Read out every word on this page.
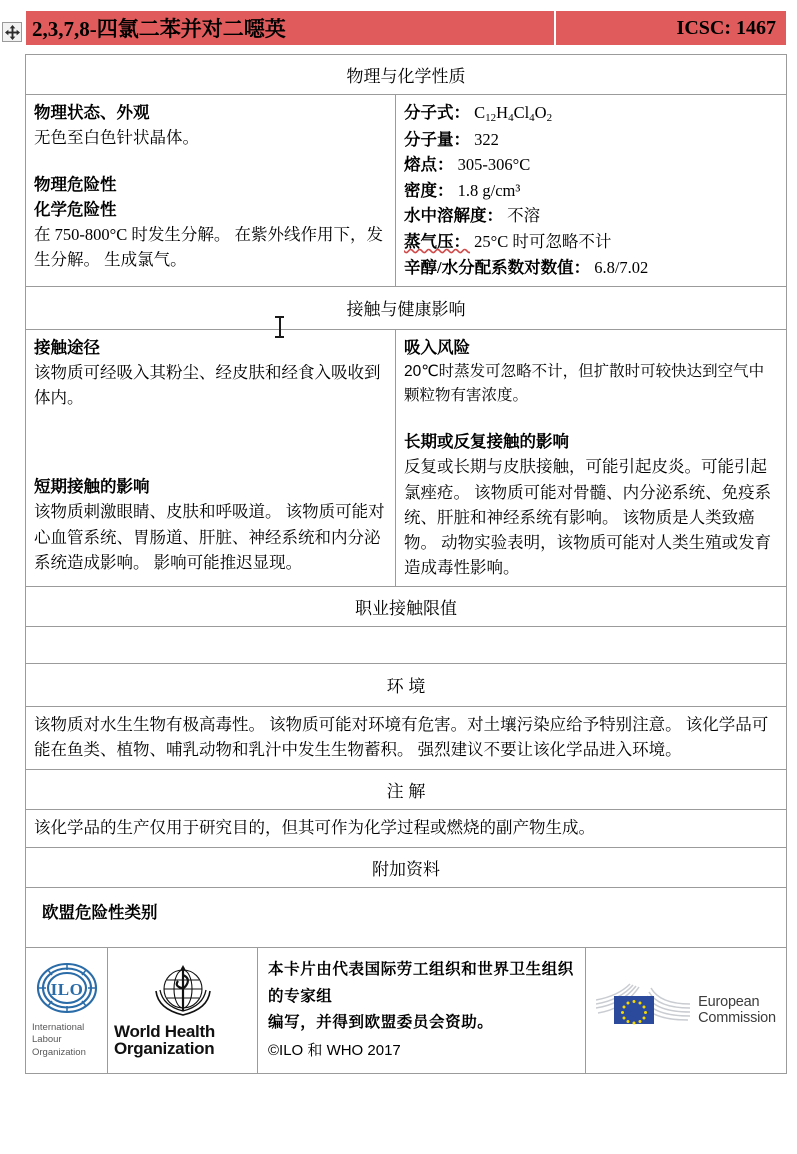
2,3,7,8-四氯二苯并对二噁英	ICSC: 1467
物理与化学性质
物理状态、外观

无色至白色针状晶体。

物理危险性
化学危险性

在 750-800°C 时发生分解。 在紫外线作用下，发生分解。 生成氯气。

分子式： $C_{12}H_4Cl_4O_2$
分子量： 322
熔点： 305-306°C
密度： 1.8 g/cm³
水中溶解度： 不溶
蒸气压： 25°C 时可忽略不计
辛醇/水分配系数对数值： 6.8/7.02
接触与健康影响
接触途径

该物质可经吸入其粉尘、经皮肤和经食入吸收到体内。

短期接触的影响

该物质刺激眼睛、皮肤和呼吸道。 该物质可能对心血管系统、胃肠道、肝脏、神经系统和内分泌系统造成影响。 影响可能推迟显现。

吸入风险

20℃时蒸发可忽略不计，但扩散时可较快达到空气中颗粒物有害浓度。

长期或反复接触的影响

反复或长期与皮肤接触，可能引起皮炎。可能引起氯痤疮。 该物质可能对骨髓、内分泌系统、免疫系统、肝脏和神经系统有影响。 该物质是人类致癌物。 动物实验表明，该物质可能对人类生殖或发育造成毒性影响。

职业接触限值
环 境

该物质对水生生物有极高毒性。 该物质可能对环境有危害。对土壤污染应给予特别注意。 该化学品可能在鱼类、植物、哺乳动物和乳汁中发生生物蓄积。 强烈建议不要让该化学品进入环境。

注 解

该化学品的生产仅用于研究目的，但其可作为化学过程或燃烧的副产物生成。

附加资料
欧盟危险性类别
ILO
International
Labour
Organization
World Health
Organization
本卡片由代表国际劳工组织和世界卫生组织的专家组
编写，并得到欧盟委员会资助。
©ILO 和 WHO 2017
European
Commission
